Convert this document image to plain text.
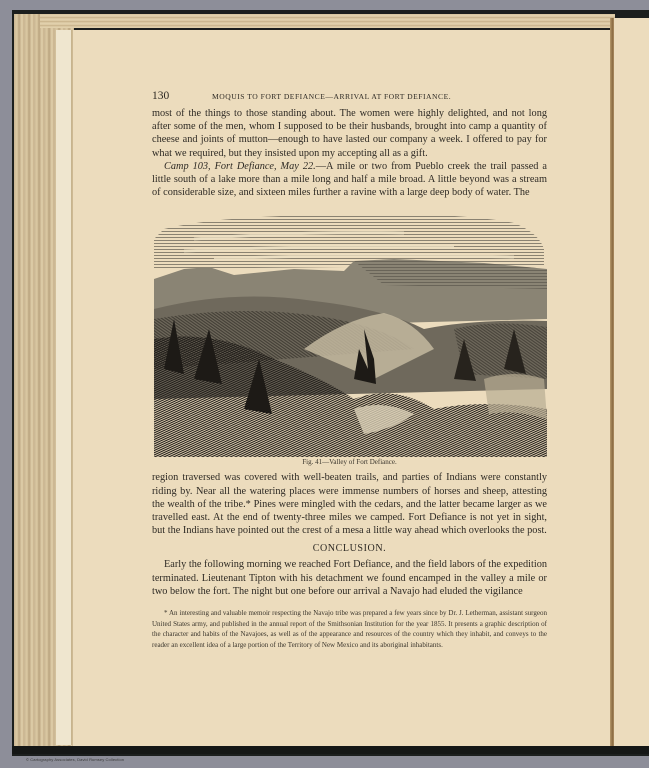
© Cartography Associates, David Rumsey Collection
130	MOQUIS TO FORT DEFIANCE—ARRIVAL AT FORT DEFIANCE.

most of the things to those standing about. The women were highly delighted, and not long after some of the men, whom I supposed to be their husbands, brought into camp a quantity of cheese and joints of mutton—enough to have lasted our company a week. I offered to pay for what we required, but they insisted upon my accepting all as a gift.

Camp 103, Fort Defiance, May 22.—A mile or two from Pueblo creek the trail passed a little south of a lake more than a mile long and half a mile broad. A little beyond was a stream of considerable size, and sixteen miles further a ravine with a large deep body of water. The

Fig. 41—Valley of Fort Defiance.

region traversed was covered with well-beaten trails, and parties of Indians were constantly riding by. Near all the watering places were immense numbers of horses and sheep, attesting the wealth of the tribe.* Pines were mingled with the cedars, and the latter became larger as we travelled east. At the end of twenty-three miles we camped. Fort Defiance is not yet in sight, but the Indians have pointed out the crest of a mesa a little way ahead which overlooks the post.

CONCLUSION.

Early the following morning we reached Fort Defiance, and the field labors of the expedition terminated. Lieutenant Tipton with his detachment we found encamped in the valley a mile or two below the fort. The night but one before our arrival a Navajo had eluded the vigilance

* An interesting and valuable memoir respecting the Navajo tribe was prepared a few years since by Dr. J. Letherman, assistant surgeon United States army, and published in the annual report of the Smithsonian Institution for the year 1855. It presents a graphic description of the character and habits of the Navajoes, as well as of the appearance and resources of the country which they inhabit, and conveys to the reader an excellent idea of a large portion of the Territory of New Mexico and its aboriginal inhabitants.
